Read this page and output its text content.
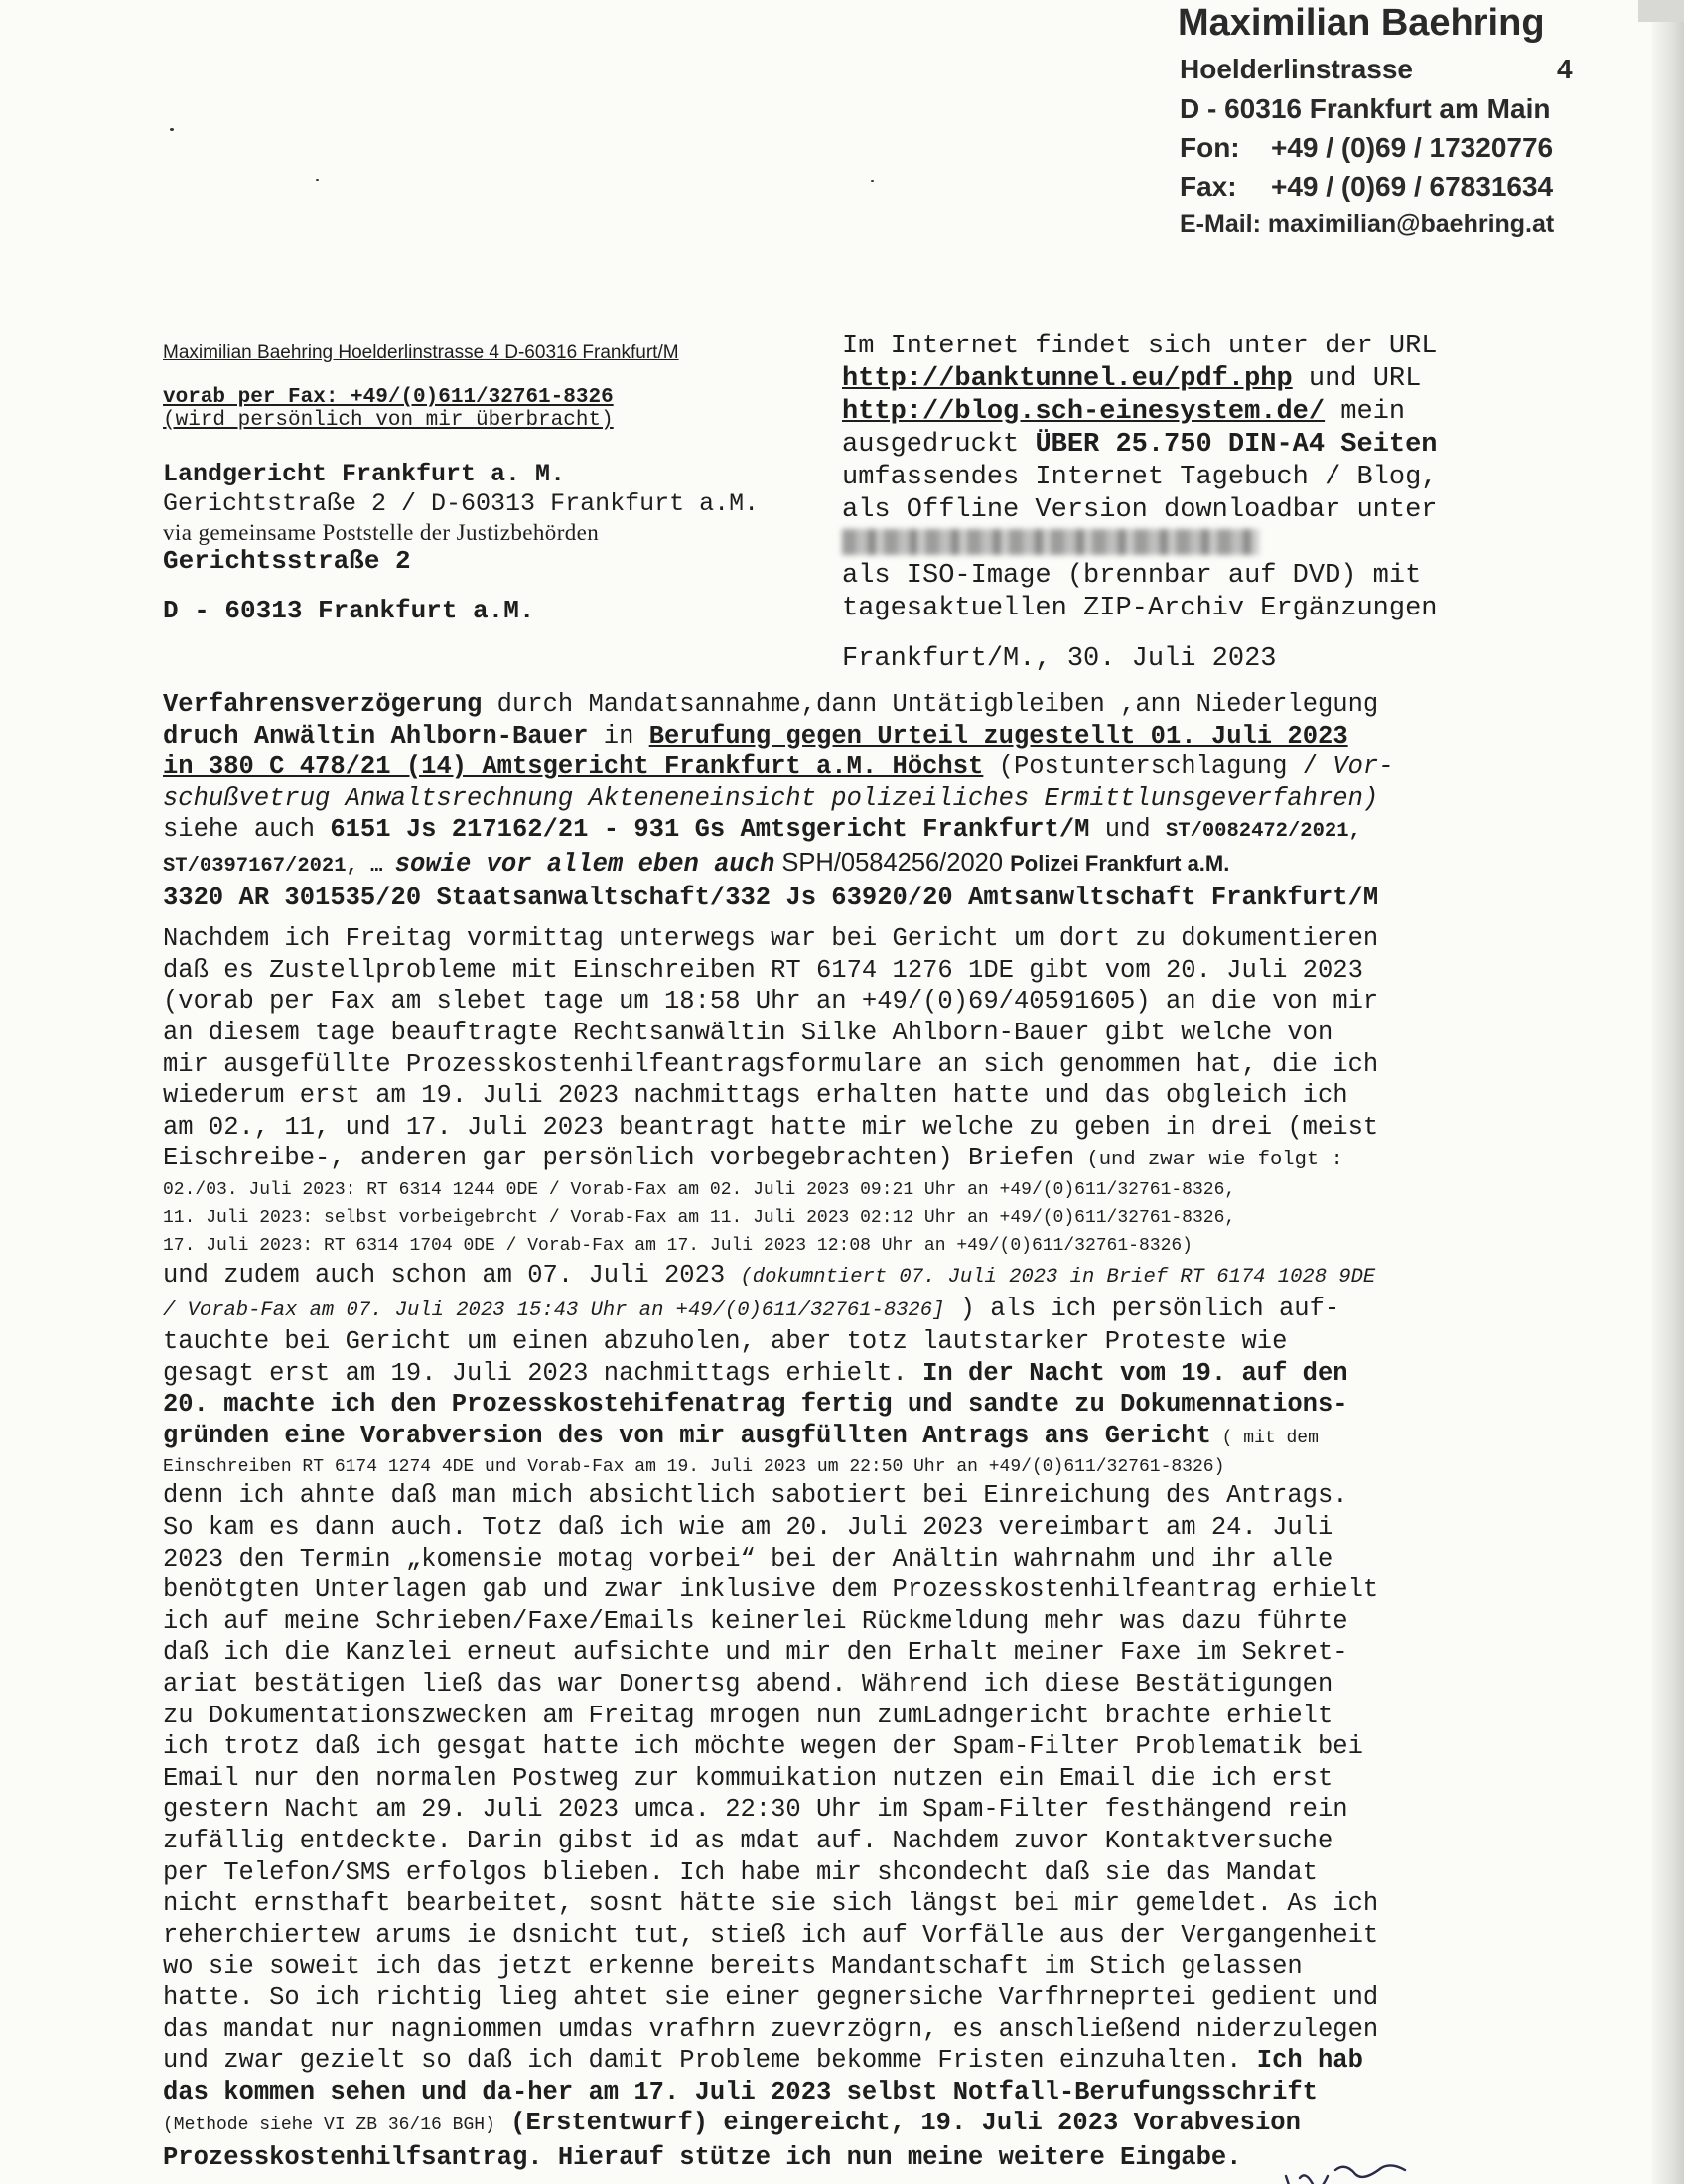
Maximilian Baehring
Hoelderlinstrasse	4
D - 60316 Frankfurt am Main
Fon: +49 / (0)69 / 17320776
Fax: +49 / (0)69 / 67831634
E-Mail: maximilian@baehring.at
Maximilian Baehring Hoelderlinstrasse 4 D-60316 Frankfurt/M
vorab per Fax: +49/(0)611/32761-8326
(wird persönlich von mir überbracht)
Landgericht Frankfurt a. M.
Gerichtstraße 2 / D-60313 Frankfurt a.M.
via gemeinsame Poststelle der Justizbehörden
Gerichtsstraße 2
D - 60313 Frankfurt a.M.
Im Internet findet sich unter der URL
http://banktunnel.eu/pdf.php und URL
http://blog.sch-einesystem.de/ mein
ausgedruckt ÜBER 25.750 DIN-A4 Seiten
umfassendes Internet Tagebuch / Blog,
als Offline Version downloadbar unter
als ISO-Image (brennbar auf DVD) mit
tagesaktuellen ZIP-Archiv Ergänzungen
Frankfurt/M., 30. Juli 2023

Verfahrensverzögerung durch Mandatsannahme,dann Untätigbleiben ,ann Niederlegung

druch Anwältin Ahlborn-Bauer in Berufung gegen Urteil zugestellt 01. Juli 2023

in 380 C 478/21 (14) Amtsgericht Frankfurt a.M. Höchst (Postunterschlagung / Vor-

schußvetrug Anwaltsrechnung Akteneneinsicht polizeiliches Ermittlunsgeverfahren)

siehe auch 6151 Js 217162/21 - 931 Gs Amtsgericht Frankfurt/M und ST/0082472/2021,

ST/0397167/2021, … sowie vor allem eben auch SPH/0584256/2020 Polizei Frankfurt a.M.

3320 AR 301535/20 Staatsanwaltschaft/332 Js 63920/20 Amtsanwltschaft Frankfurt/M

Nachdem ich Freitag vormittag unterwegs war bei Gericht um dort zu dokumentieren

daß es Zustellprobleme mit Einschreiben RT 6174 1276 1DE gibt vom 20. Juli 2023

(vorab per Fax am slebet tage um 18:58 Uhr an +49/(0)69/40591605) an die von mir

an diesem tage beauftragte Rechtsanwältin Silke Ahlborn-Bauer gibt welche von

mir ausgefüllte Prozesskostenhilfeantragsformulare an sich genommen hat, die ich

wiederum erst am 19. Juli 2023 nachmittags erhalten hatte und das obgleich ich

am 02., 11, und 17. Juli 2023 beantragt hatte mir welche zu geben in drei (meist

Eischreibe-, anderen gar persönlich vorbegebrachten) Briefen (und zwar wie folgt :

02./03. Juli 2023: RT 6314 1244 0DE / Vorab-Fax am 02. Juli 2023 09:21 Uhr an +49/(0)611/32761-8326,

11. Juli 2023: selbst vorbeigebrcht / Vorab-Fax am 11. Juli 2023 02:12 Uhr an +49/(0)611/32761-8326,

17. Juli 2023: RT 6314 1704 0DE / Vorab-Fax am 17. Juli 2023 12:08 Uhr an +49/(0)611/32761-8326)

und zudem auch schon am 07. Juli 2023 (dokumntiert 07. Juli 2023 in Brief RT 6174 1028 9DE

/ Vorab-Fax am 07. Juli 2023 15:43 Uhr an +49/(0)611/32761-8326] ) als ich persönlich auf-

tauchte bei Gericht um einen abzuholen, aber totz lautstarker Proteste wie

gesagt erst am 19. Juli 2023 nachmittags erhielt. In der Nacht vom 19. auf den

20. machte ich den Prozesskostehifenatrag fertig und sandte zu Dokumennations-

gründen eine Vorabversion des von mir ausgfüllten Antrags ans Gericht ( mit dem

Einschreiben RT 6174 1274 4DE und Vorab-Fax am 19. Juli 2023 um 22:50 Uhr an +49/(0)611/32761-8326)

denn ich ahnte daß man mich absichtlich sabotiert bei Einreichung des Antrags.

So kam es dann auch. Totz daß ich wie am 20. Juli 2023 vereimbart am 24. Juli

2023 den Termin „komensie motag vorbei“ bei der Anältin wahrnahm und ihr alle

benötgten Unterlagen gab und zwar inklusive dem Prozesskostenhilfeantrag erhielt

ich auf meine Schrieben/Faxe/Emails keinerlei Rückmeldung mehr was dazu führte

daß ich die Kanzlei erneut aufsichte und mir den Erhalt meiner Faxe im Sekret-

ariat bestätigen ließ das war Donertsg abend. Während ich diese Bestätigungen

zu Dokumentationszwecken am Freitag mrogen nun zumLadngericht brachte erhielt

ich trotz daß ich gesgat hatte ich möchte wegen der Spam-Filter Problematik bei

Email nur den normalen Postweg zur kommuikation nutzen ein Email die ich erst

gestern Nacht am 29. Juli 2023 umca. 22:30 Uhr im Spam-Filter festhängend rein

zufällig entdeckte. Darin gibst id as mdat auf. Nachdem zuvor Kontaktversuche

per Telefon/SMS erfolgos blieben. Ich habe mir shcondecht daß sie das Mandat

nicht ernsthaft bearbeitet, sosnt hätte sie sich längst bei mir gemeldet. As ich

reherchiertew arums ie dsnicht tut, stieß ich auf Vorfälle aus der Vergangenheit

wo sie soweit ich das jetzt erkenne bereits Mandantschaft im Stich gelassen

hatte. So ich richtig lieg ahtet sie einer gegnersiche Varfhrneprtei gedient und

das mandat nur nagniommen umdas vrafhrn zuevrzögrn, es anschließend niderzulegen

und zwar gezielt so daß ich damit Probleme bekomme Fristen einzuhalten. Ich hab

das kommen sehen und da-her am 17. Juli 2023 selbst Notfall-Berufungsschrift

(Methode siehe VI ZB 36/16 BGH) (Erstentwurf) eingereicht, 19. Juli 2023 Vorabvesion

Prozesskostenhilfsantrag. Hierauf stütze ich nun meine weitere Eingabe.
